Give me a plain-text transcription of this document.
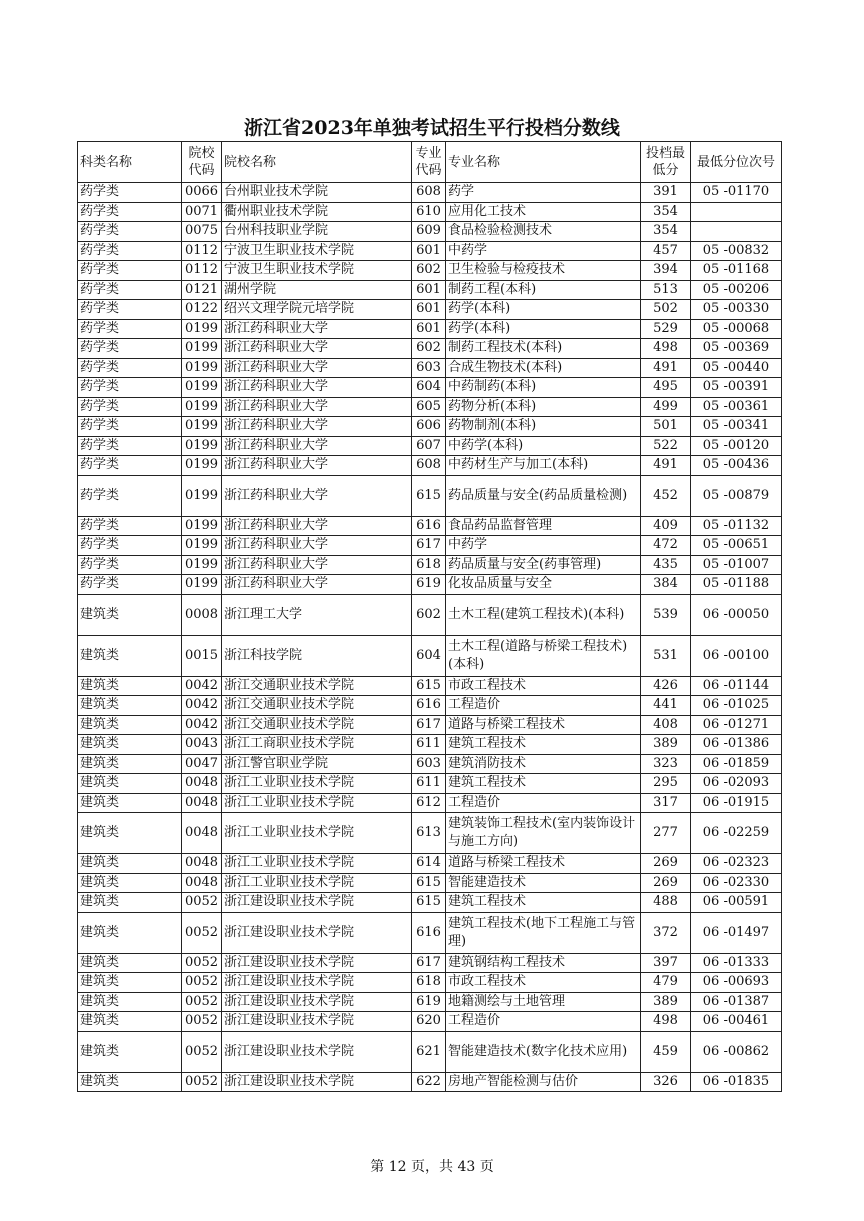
浙江省2023年单独考试招生平行投档分数线
科类名称	院校代码	院校名称	专业代码	专业名称	投档最低分	最低分位次号
药学类	0066	台州职业技术学院	608	药学	391	05 -01170
药学类	0071	衢州职业技术学院	610	应用化工技术	354	
药学类	0075	台州科技职业学院	609	食品检验检测技术	354	
药学类	0112	宁波卫生职业技术学院	601	中药学	457	05 -00832
药学类	0112	宁波卫生职业技术学院	602	卫生检验与检疫技术	394	05 -01168
药学类	0121	湖州学院	601	制药工程(本科)	513	05 -00206
药学类	0122	绍兴文理学院元培学院	601	药学(本科)	502	05 -00330
药学类	0199	浙江药科职业大学	601	药学(本科)	529	05 -00068
药学类	0199	浙江药科职业大学	602	制药工程技术(本科)	498	05 -00369
药学类	0199	浙江药科职业大学	603	合成生物技术(本科)	491	05 -00440
药学类	0199	浙江药科职业大学	604	中药制药(本科)	495	05 -00391
药学类	0199	浙江药科职业大学	605	药物分析(本科)	499	05 -00361
药学类	0199	浙江药科职业大学	606	药物制剂(本科)	501	05 -00341
药学类	0199	浙江药科职业大学	607	中药学(本科)	522	05 -00120
药学类	0199	浙江药科职业大学	608	中药材生产与加工(本科)	491	05 -00436
药学类	0199	浙江药科职业大学	615	药品质量与安全(药品质量检测)	452	05 -00879
药学类	0199	浙江药科职业大学	616	食品药品监督管理	409	05 -01132
药学类	0199	浙江药科职业大学	617	中药学	472	05 -00651
药学类	0199	浙江药科职业大学	618	药品质量与安全(药事管理)	435	05 -01007
药学类	0199	浙江药科职业大学	619	化妆品质量与安全	384	05 -01188
建筑类	0008	浙江理工大学	602	土木工程(建筑工程技术)(本科)	539	06 -00050
建筑类	0015	浙江科技学院	604	土木工程(道路与桥梁工程技术)(本科)	531	06 -00100
建筑类	0042	浙江交通职业技术学院	615	市政工程技术	426	06 -01144
建筑类	0042	浙江交通职业技术学院	616	工程造价	441	06 -01025
建筑类	0042	浙江交通职业技术学院	617	道路与桥梁工程技术	408	06 -01271
建筑类	0043	浙江工商职业技术学院	611	建筑工程技术	389	06 -01386
建筑类	0047	浙江警官职业学院	603	建筑消防技术	323	06 -01859
建筑类	0048	浙江工业职业技术学院	611	建筑工程技术	295	06 -02093
建筑类	0048	浙江工业职业技术学院	612	工程造价	317	06 -01915
建筑类	0048	浙江工业职业技术学院	613	建筑装饰工程技术(室内装饰设计与施工方向)	277	06 -02259
建筑类	0048	浙江工业职业技术学院	614	道路与桥梁工程技术	269	06 -02323
建筑类	0048	浙江工业职业技术学院	615	智能建造技术	269	06 -02330
建筑类	0052	浙江建设职业技术学院	615	建筑工程技术	488	06 -00591
建筑类	0052	浙江建设职业技术学院	616	建筑工程技术(地下工程施工与管理)	372	06 -01497
建筑类	0052	浙江建设职业技术学院	617	建筑钢结构工程技术	397	06 -01333
建筑类	0052	浙江建设职业技术学院	618	市政工程技术	479	06 -00693
建筑类	0052	浙江建设职业技术学院	619	地籍测绘与土地管理	389	06 -01387
建筑类	0052	浙江建设职业技术学院	620	工程造价	498	06 -00461
建筑类	0052	浙江建设职业技术学院	621	智能建造技术(数字化技术应用)	459	06 -00862
建筑类	0052	浙江建设职业技术学院	622	房地产智能检测与估价	326	06 -01835
第 12 页，共 43 页
